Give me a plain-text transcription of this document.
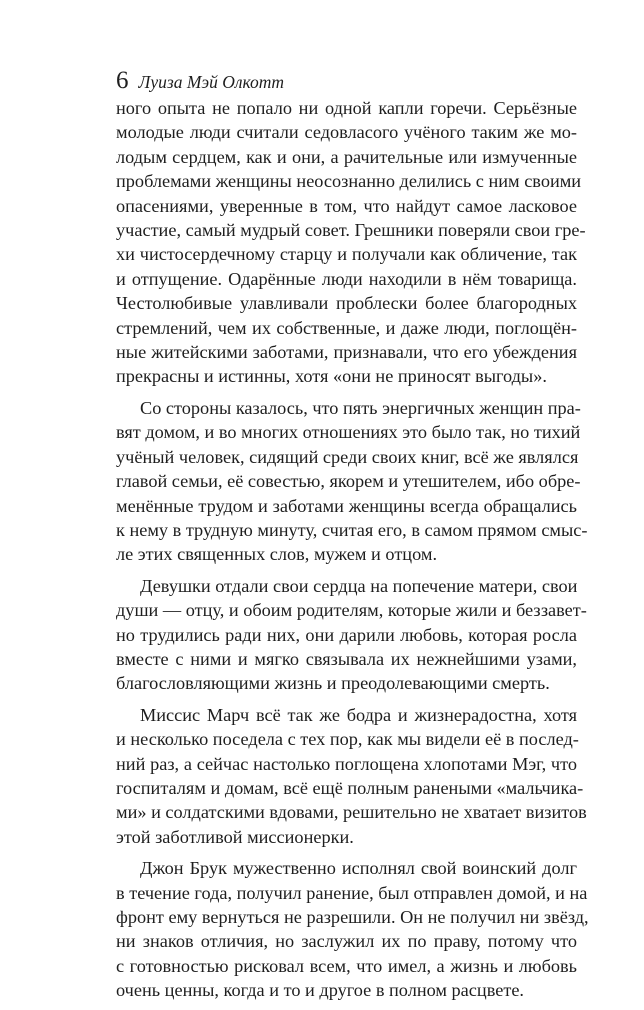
6 Луиза Мэй Олкотт

ного опыта не попало ни одной капли горечи. Серьёзные
молодые люди считали седовласого учёного таким же мо-
лодым сердцем, как и они, а рачительные или измученные
проблемами женщины неосознанно делились с ним своими
опасениями, уверенные в том, что найдут самое ласковое
участие, самый мудрый совет. Грешники поверяли свои гре-
хи чистосердечному старцу и получали как обличение, так
и отпущение. Одарённые люди находили в нём товарища.
Честолюбивые улавливали проблески более благородных
стремлений, чем их собственные, и даже люди, поглощён-
ные житейскими заботами, признавали, что его убеждения
прекрасны и истинны, хотя «они не приносят выгоды».

Со стороны казалось, что пять энергичных женщин пра-
вят домом, и во многих отношениях это было так, но тихий
учёный человек, сидящий среди своих книг, всё же являлся
главой семьи, её совестью, якорем и утешителем, ибо обре-
менённые трудом и заботами женщины всегда обращались
к нему в трудную минуту, считая его, в самом прямом смыс-
ле этих священных слов, мужем и отцом.

Девушки отдали свои сердца на попечение матери, свои
души — отцу, и обоим родителям, которые жили и беззавет-
но трудились ради них, они дарили любовь, которая росла
вместе с ними и мягко связывала их нежнейшими узами,
благословляющими жизнь и преодолевающими смерть.

Миссис Марч всё так же бодра и жизнерадостна, хотя
и несколько поседела с тех пор, как мы видели её в послед-
ний раз, а сейчас настолько поглощена хлопотами Мэг, что
госпиталям и домам, всё ещё полным ранеными «мальчика-
ми» и солдатскими вдовами, решительно не хватает визитов
этой заботливой миссионерки.

Джон Брук мужественно исполнял свой воинский долг
в течение года, получил ранение, был отправлен домой, и на
фронт ему вернуться не разрешили. Он не получил ни звёзд,
ни знаков отличия, но заслужил их по праву, потому что
с готовностью рисковал всем, что имел, а жизнь и любовь
очень ценны, когда и то и другое в полном расцвете.
